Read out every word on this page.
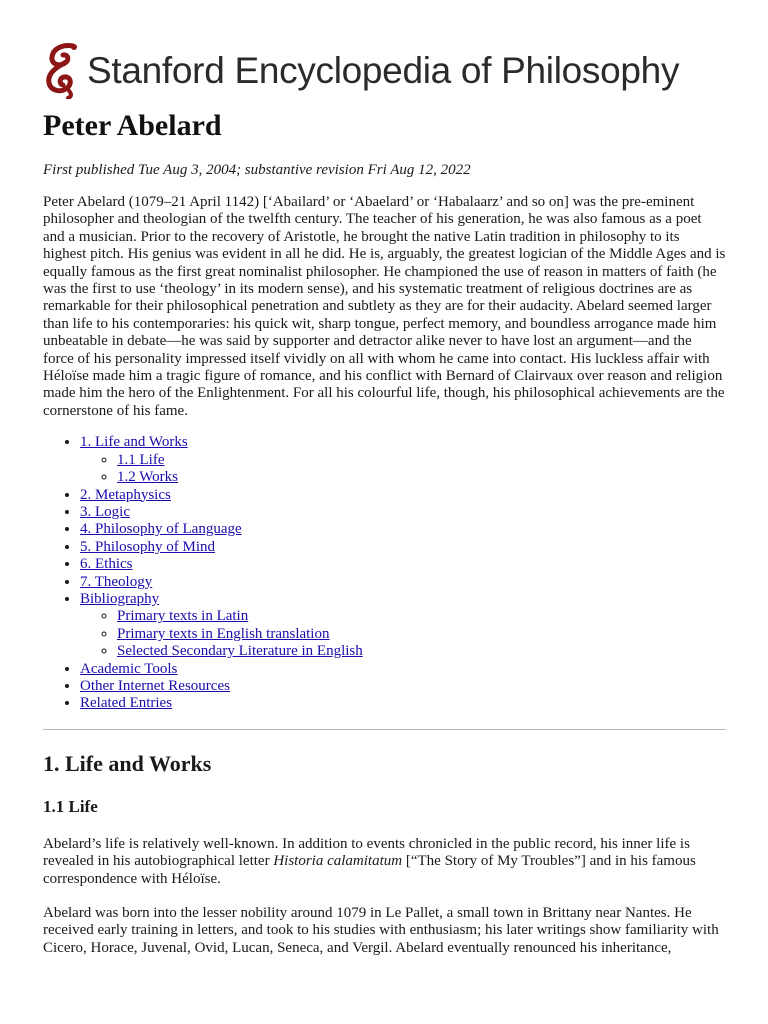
Stanford Encyclopedia of Philosophy
Peter Abelard
First published Tue Aug 3, 2004; substantive revision Fri Aug 12, 2022

Peter Abelard (1079–21 April 1142) [‘Abailard’ or ‘Abaelard’ or ‘Habalaarz’ and so on] was the pre-eminent philosopher and theologian of the twelfth century. The teacher of his generation, he was also famous as a poet and a musician. Prior to the recovery of Aristotle, he brought the native Latin tradition in philosophy to its highest pitch. His genius was evident in all he did. He is, arguably, the greatest logician of the Middle Ages and is equally famous as the first great nominalist philosopher. He championed the use of reason in matters of faith (he was the first to use ‘theology’ in its modern sense), and his systematic treatment of religious doctrines are as remarkable for their philosophical penetration and subtlety as they are for their audacity. Abelard seemed larger than life to his contemporaries: his quick wit, sharp tongue, perfect memory, and boundless arrogance made him unbeatable in debate—he was said by supporter and detractor alike never to have lost an argument—and the force of his personality impressed itself vividly on all with whom he came into contact. His luckless affair with Héloïse made him a tragic figure of romance, and his conflict with Bernard of Clairvaux over reason and religion made him the hero of the Enlightenment. For all his colourful life, though, his philosophical achievements are the cornerstone of his fame.

• 1. Life and Works
◦ 1.1 Life
◦ 1.2 Works
• 2. Metaphysics
• 3. Logic
• 4. Philosophy of Language
• 5. Philosophy of Mind
• 6. Ethics
• 7. Theology
• Bibliography
◦ Primary texts in Latin
◦ Primary texts in English translation
◦ Selected Secondary Literature in English
• Academic Tools
• Other Internet Resources
• Related Entries
1. Life and Works
1.1 Life

Abelard’s life is relatively well-known. In addition to events chronicled in the public record, his inner life is revealed in his autobiographical letter Historia calamitatum [“The Story of My Troubles”] and in his famous correspondence with Héloïse.

Abelard was born into the lesser nobility around 1079 in Le Pallet, a small town in Brittany near Nantes. He received early training in letters, and took to his studies with enthusiasm; his later writings show familiarity with Cicero, Horace, Juvenal, Ovid, Lucan, Seneca, and Vergil. Abelard eventually renounced his inheritance,
